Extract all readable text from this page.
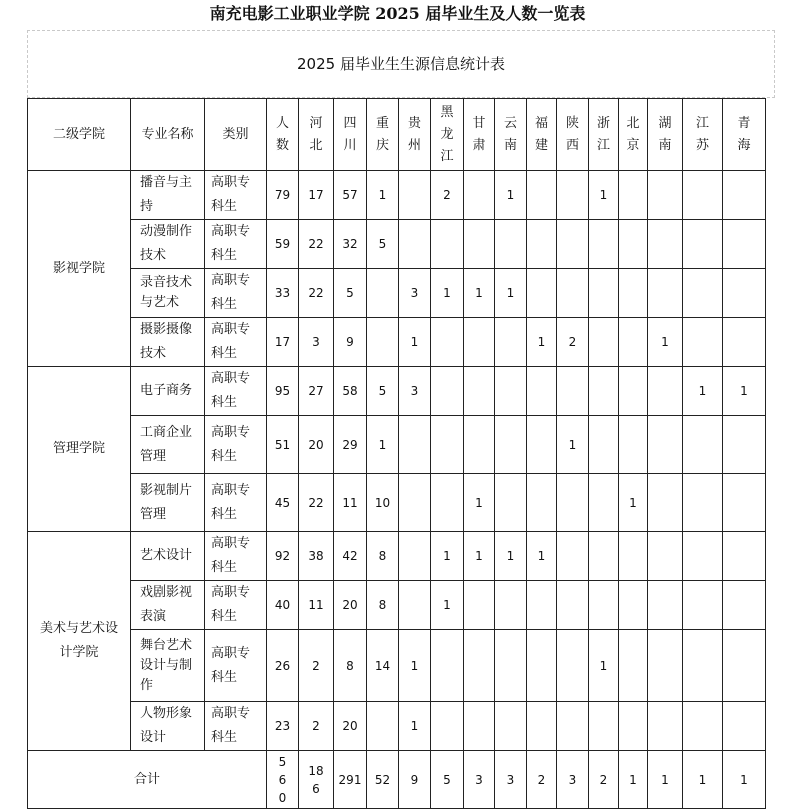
南充电影工业职业学院 2025 届毕业生及人数一览表
2025 届毕业生生源信息统计表
二级学院	专业名称	类别	人数	河北	四川	重庆	贵州	黑龙江	甘肃	云南	福建	陕西	浙江	北京	湖南	江苏	青海

影视学院	播音与主持	高职专科生	79	17	57	1		2		1			1				
	动漫制作技术	高职专科生	59	22	32	5											
	录音技术与艺术	高职专科生	33	22	5		3	1	1	1							
	摄影摄像技术	高职专科生	17	3	9		1				1	2			1		
管理学院	电子商务	高职专科生	95	27	58	5	3									1	1
	工商企业管理	高职专科生	51	20	29	1						1					
	影视制片管理	高职专科生	45	22	11	10			1					1			
美术与艺术设计学院	艺术设计	高职专科生	92	38	42	8		1	1	1	1						
	戏剧影视表演	高职专科生	40	11	20	8		1									
	舞台艺术设计与制作	高职专科生	26	2	8	14	1						1				
	人物形象设计	高职专科生	23	2	20		1										
合计			560	186	291	52	9	5	3	3	2	3	2	1	1	1	1
